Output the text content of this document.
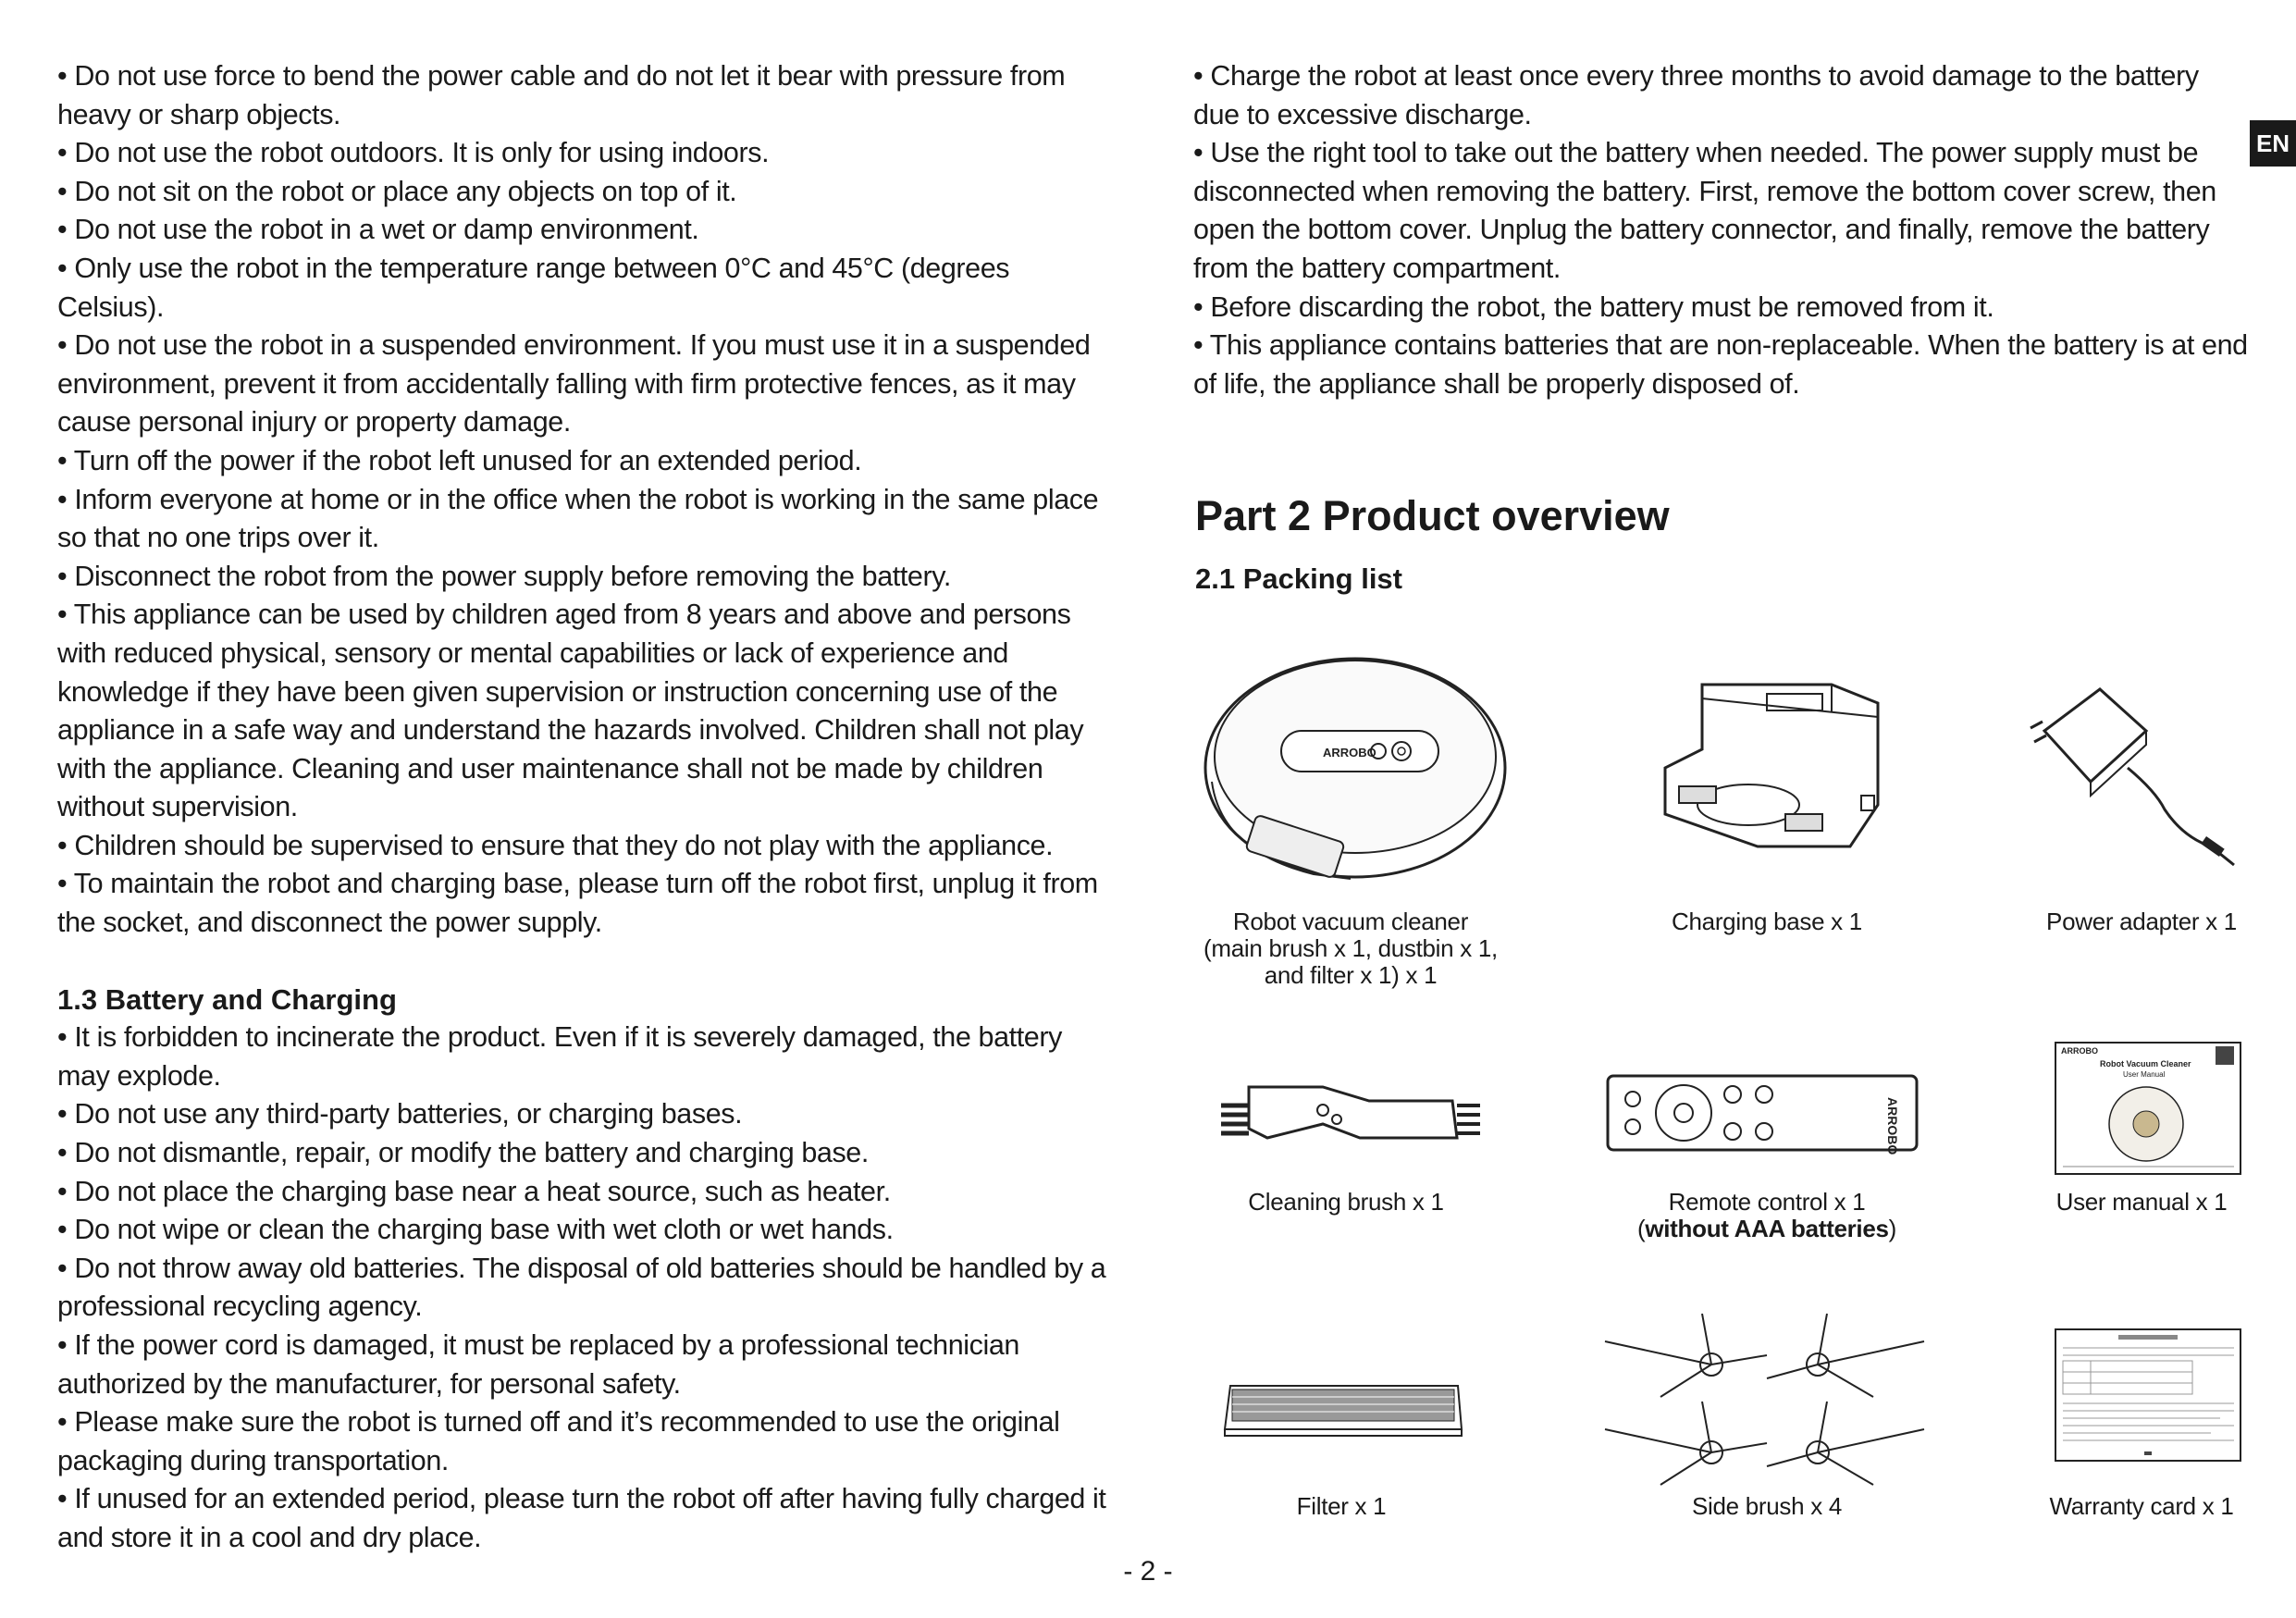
• Do not use force to bend the power cable and do not let it bear with pressure from heavy or sharp objects.
• Do not use the robot outdoors. It is only for using indoors.
• Do not sit on the robot or place any objects on top of it.
• Do not use the robot in a wet or damp environment.
• Only use the robot in the temperature range between 0°C and 45°C (degrees Celsius).
• Do not use the robot in a suspended environment. If you must use it in a suspended environment, prevent it from accidentally falling with firm protective fences, as it may cause personal injury or property damage.
• Turn off the power if the robot left unused for an extended period.
• Inform everyone at home or in the office when the robot is working in the same place so that no one trips over it.
• Disconnect the robot from the power supply before removing the battery.
• This appliance can be used by children aged from 8 years and above and persons with reduced physical, sensory or mental capabilities or lack of experience and knowledge if they have been given supervision or instruction concerning use of the appliance in a safe way and understand the hazards involved. Children shall not play with the appliance. Cleaning and user maintenance shall not be made by children without supervision.
• Children should be supervised to ensure that they do not play with the appliance.
• To maintain the robot and charging base, please turn off the robot first, unplug it from the socket, and disconnect the power supply.
1.3 Battery and Charging
• It is forbidden to incinerate the product. Even if it is severely damaged, the battery may explode.
• Do not use any third-party batteries, or charging bases.
• Do not dismantle, repair, or modify the battery and charging base.
• Do not place the charging base near a heat source, such as heater.
• Do not wipe or clean the charging base with wet cloth or wet hands.
• Do not throw away old batteries. The disposal of old batteries should be handled by a professional recycling agency.
• If the power cord is damaged, it must be replaced by a professional technician authorized by the manufacturer, for personal safety.
• Please make sure the robot is turned off and it’s recommended to use the original packaging during transportation.
• If unused for an extended period, please turn the robot off after having fully charged it and store it in a cool and dry place.
• Charge the robot at least once every three months to avoid damage to the battery due to excessive discharge.
• Use the right tool to take out the battery when needed. The power supply must be disconnected when removing the battery. First, remove the bottom cover screw, then open the bottom cover. Unplug the battery connector, and finally, remove the battery from the battery compartment.
• Before discarding the robot, the battery must be removed from it.
• This appliance contains batteries that are non-replaceable. When the battery is at end of life, the appliance shall be properly disposed of.
Part 2 Product overview
2.1 Packing list
EN
ARROBO
ARROBO
ARROBO
Robot Vacuum Cleaner
User Manual
Robot vacuum cleaner
(main brush x 1, dustbin x 1,
and filter x 1) x 1
Charging base x 1	Power adapter x 1
Cleaning brush x 1	Remote control x 1
(without AAA batteries)
User manual x 1
Filter x 1	Side brush x 4	Warranty card x 1
- 2 -
